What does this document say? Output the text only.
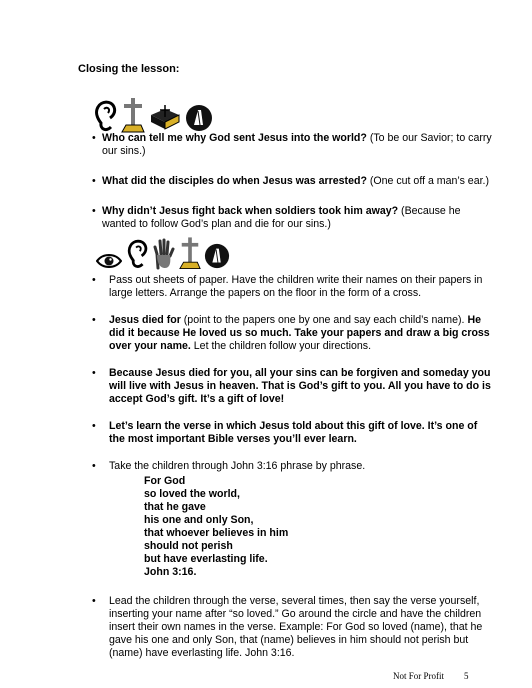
Closing the lesson:
• Who can tell me why God sent Jesus into the world? (To be our Savior; to carry our sins.)
• What did the disciples do when Jesus was arrested? (One cut off a man’s ear.)
• Why didn’t Jesus fight back when soldiers took him away? (Because he wanted to follow God’s plan and die for our sins.)
•	Pass out sheets of paper. Have the children write their names on their papers in large letters. Arrange the papers on the floor in the form of a cross.
•	Jesus died for (point to the papers one by one and say each child’s name). He did it because He loved us so much. Take your papers and draw a big cross over your name. Let the children follow your directions.
•	Because Jesus died for you, all your sins can be forgiven and someday you will live with Jesus in heaven. That is God’s gift to you. All you have to do is accept God’s gift. It’s a gift of love!
•	Let’s learn the verse in which Jesus told about this gift of love. It’s one of the most important Bible verses you’ll ever learn.
•	Take the children through John 3:16 phrase by phrase.
For God
so loved the world,
that he gave
his one and only Son,
that whoever believes in him
should not perish
but have everlasting life.
John 3:16.
•	Lead the children through the verse, several times, then say the verse yourself, inserting your name after “so loved.” Go around the circle and have the children insert their own names in the verse. Example: For God so loved (name), that he gave his one and only Son, that (name) believes in him should not perish but (name) have everlasting life. John 3:16.
Not For Profit 5
